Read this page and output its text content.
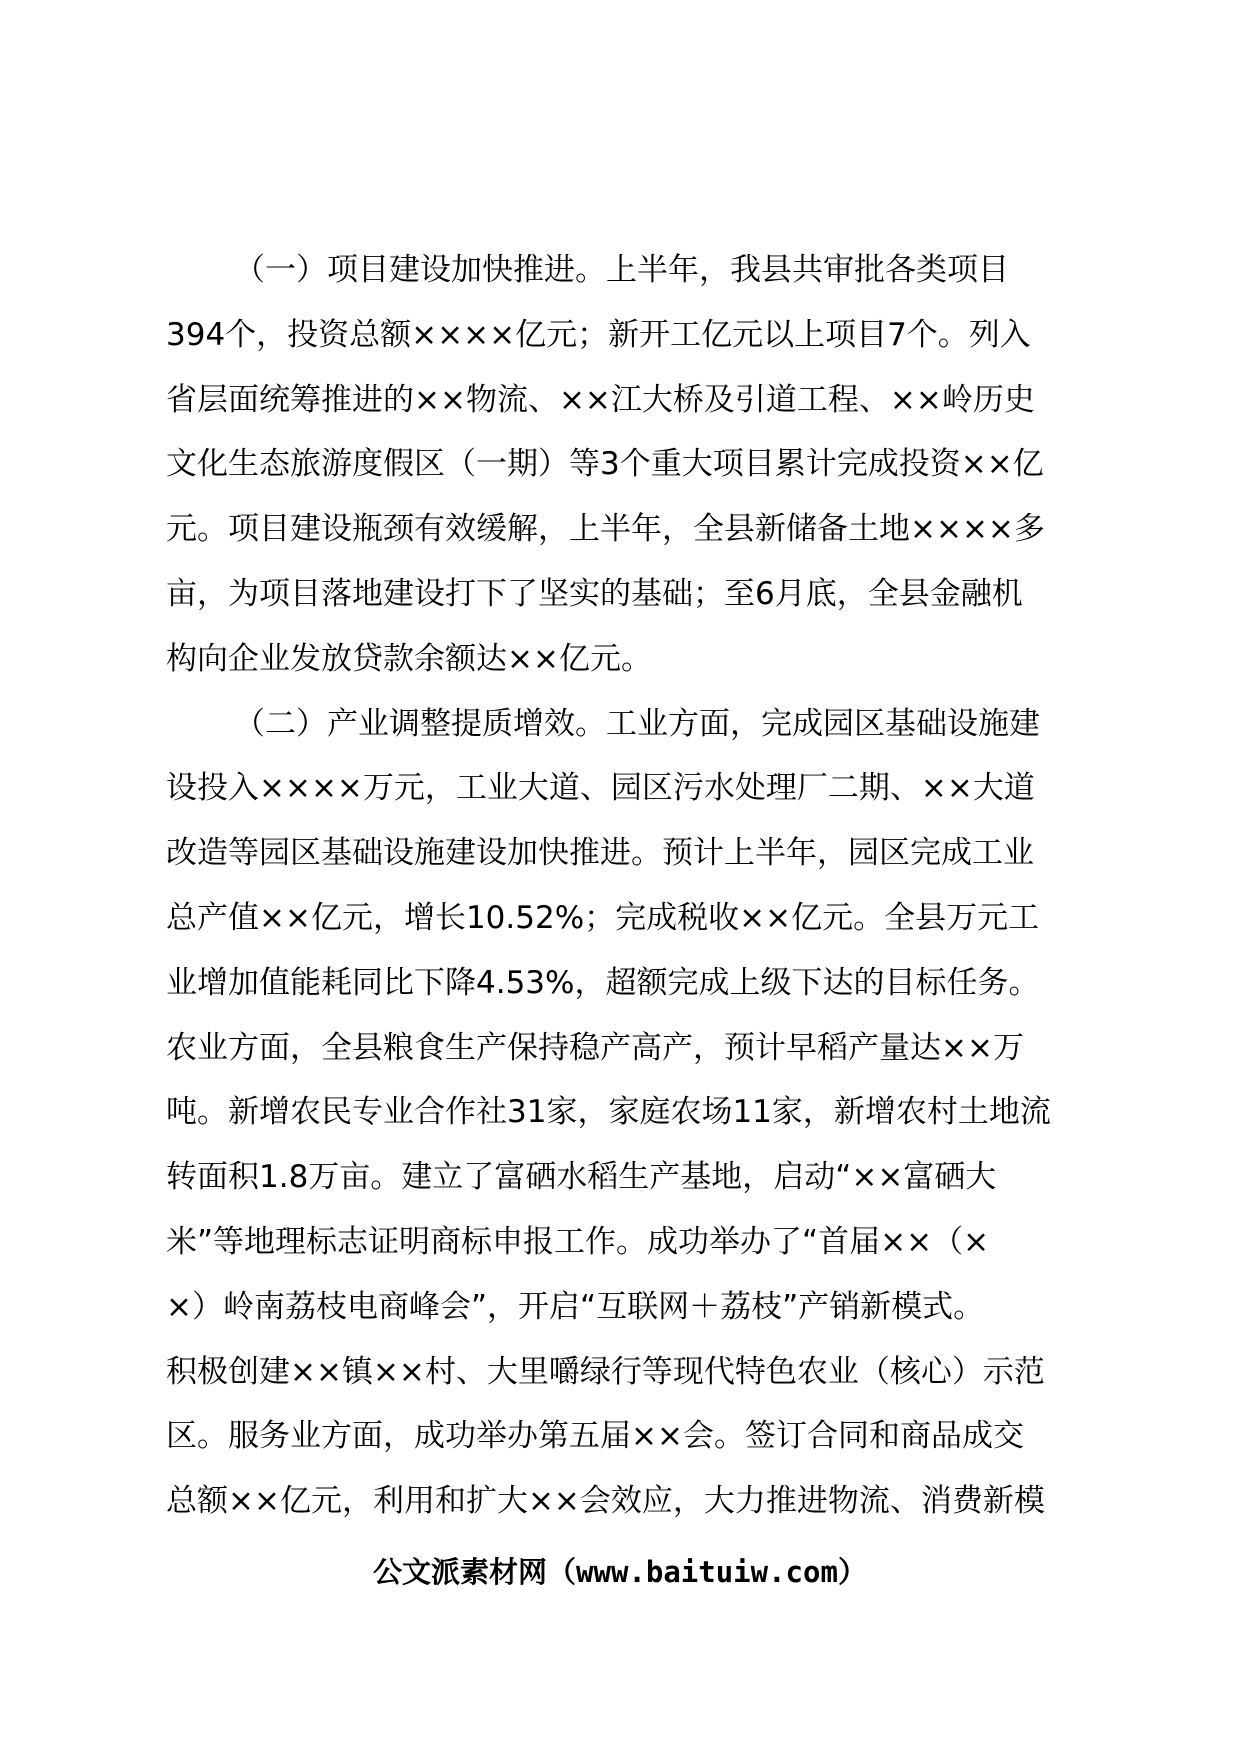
（一）项目建设加快推进。上半年，我县共审批各类项目
394个，投资总额××××亿元；新开工亿元以上项目7个。列入
省层面统筹推进的××物流、××江大桥及引道工程、××岭历史
文化生态旅游度假区（一期）等3个重大项目累计完成投资××亿
元。项目建设瓶颈有效缓解，上半年，全县新储备土地××××多
亩，为项目落地建设打下了坚实的基础；至6月底，全县金融机
构向企业发放贷款余额达××亿元。
（二）产业调整提质增效。工业方面，完成园区基础设施建
设投入××××万元，工业大道、园区污水处理厂二期、××大道
改造等园区基础设施建设加快推进。预计上半年，园区完成工业
总产值××亿元，增长10.52%；完成税收××亿元。全县万元工
业增加值能耗同比下降4.53%，超额完成上级下达的目标任务。
农业方面，全县粮食生产保持稳产高产，预计早稻产量达××万
吨。新增农民专业合作社31家，家庭农场11家，新增农村土地流
转面积1.8万亩。建立了富硒水稻生产基地，启动“××富硒大
米”等地理标志证明商标申报工作。成功举办了“首届××（×
×）岭南荔枝电商峰会”，开启“互联网＋荔枝”产销新模式。
积极创建××镇××村、大里嚼绿行等现代特色农业（核心）示范
区。服务业方面，成功举办第五届××会。签订合同和商品成交
总额××亿元，利用和扩大××会效应，大力推进物流、消费新模
公文派素材网（www.baituiw.com）
